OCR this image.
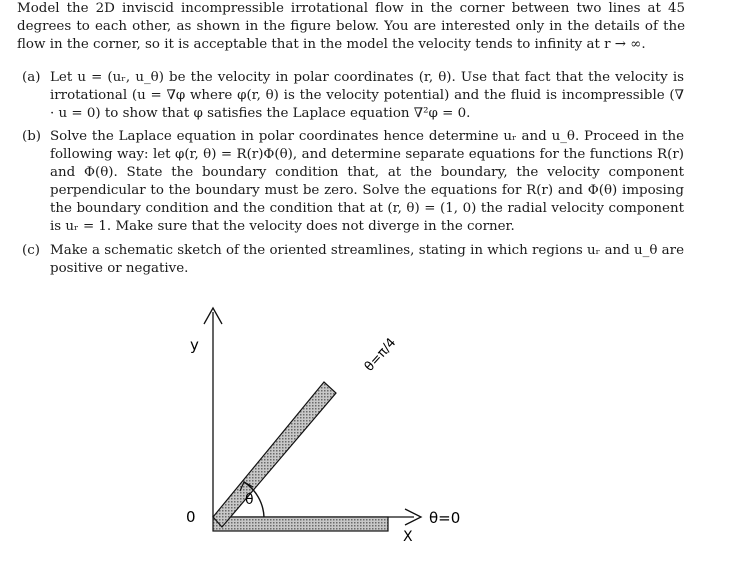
Model the 2D inviscid incompressible irrotational flow in the corner between two lines at 45 degrees to each other, as shown in the figure below. You are interested only in the details of the flow in the corner, so it is acceptable that in the model the velocity tends to infinity at r → ∞.
(a) Let u = (uᵣ, u_θ) be the velocity in polar coordinates (r, θ). Use that fact that the velocity is irrotational (u = ∇φ where φ(r, θ) is the velocity potential) and the fluid is incompressible (∇ · u = 0) to show that φ satisfies the Laplace equation ∇²φ = 0.
(b) Solve the Laplace equation in polar coordinates hence determine uᵣ and u_θ. Proceed in the following way: let φ(r, θ) = R(r)Φ(θ), and determine separate equations for the functions R(r) and Φ(θ). State the boundary condition that, at the boundary, the velocity component perpendicular to the boundary must be zero. Solve the equations for R(r) and Φ(θ) imposing the boundary condition and the condition that at (r, θ) = (1, 0) the radial velocity component is uᵣ = 1. Make sure that the velocity does not diverge in the corner.
(c) Make a schematic sketch of the oriented streamlines, stating in which regions uᵣ and u_θ are positive or negative.
y
X
θ=0
0
θ
θ=π/4
